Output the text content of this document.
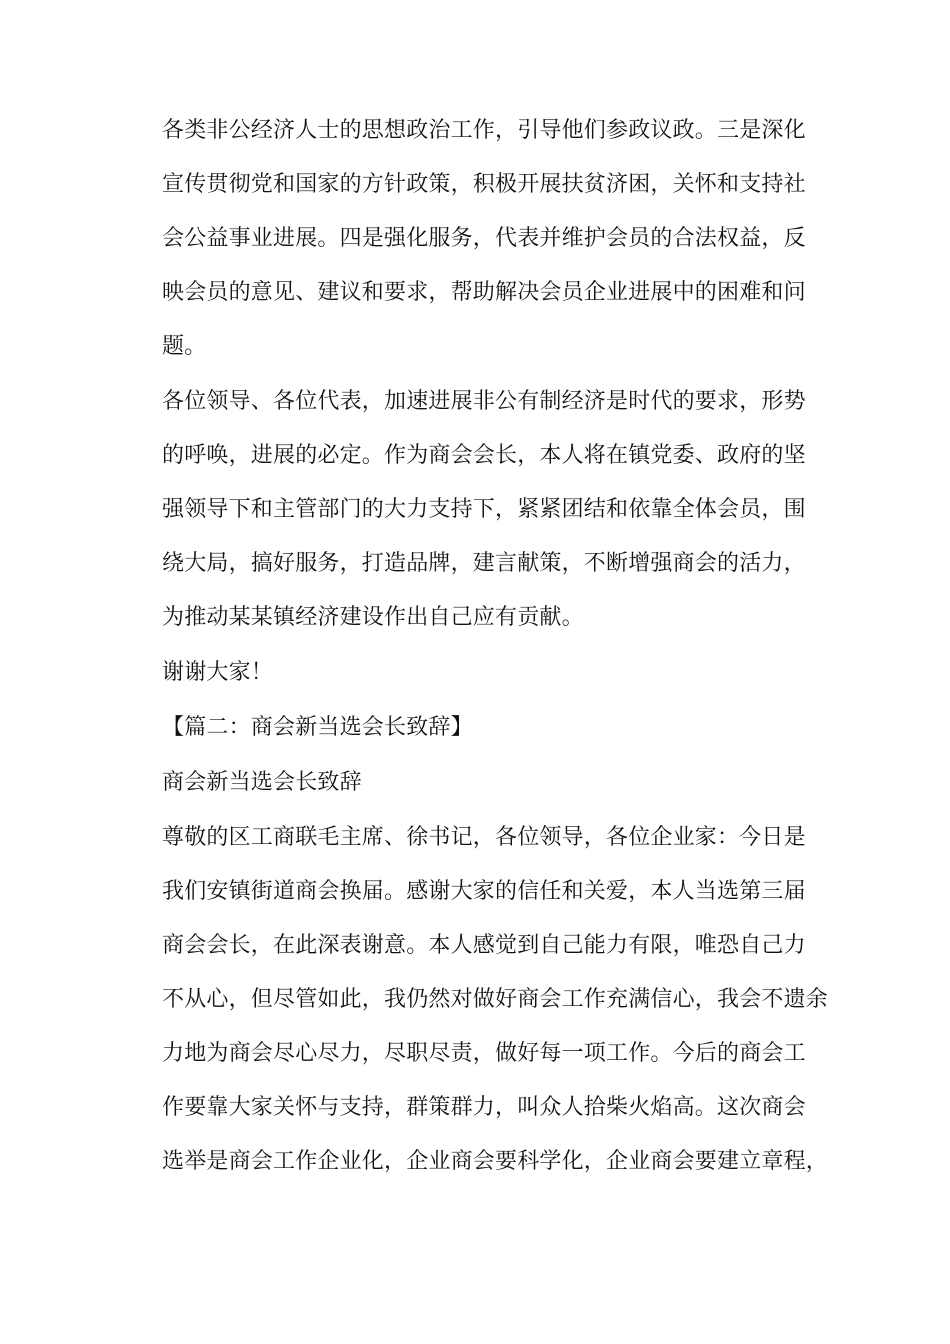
各类非公经济人士的思想政治工作，引导他们参政议政。三是深化
宣传贯彻党和国家的方针政策，积极开展扶贫济困，关怀和支持社
会公益事业进展。四是强化服务，代表并维护会员的合法权益，反
映会员的意见、建议和要求，帮助解决会员企业进展中的困难和问
题。
各位领导、各位代表，加速进展非公有制经济是时代的要求，形势
的呼唤，进展的必定。作为商会会长，本人将在镇党委、政府的坚
强领导下和主管部门的大力支持下，紧紧团结和依靠全体会员，围
绕大局，搞好服务，打造品牌，建言献策，不断增强商会的活力，
为推动某某镇经济建设作出自己应有贡献。
谢谢大家！
【篇二：商会新当选会长致辞】
商会新当选会长致辞
尊敬的区工商联毛主席、徐书记，各位领导，各位企业家：今日是
我们安镇街道商会换届。感谢大家的信任和关爱，本人当选第三届
商会会长，在此深表谢意。本人感觉到自己能力有限，唯恐自己力
不从心，但尽管如此，我仍然对做好商会工作充满信心，我会不遗余
力地为商会尽心尽力，尽职尽责，做好每一项工作。今后的商会工
作要靠大家关怀与支持，群策群力，叫众人拾柴火焰高。这次商会
选举是商会工作企业化，企业商会要科学化，企业商会要建立章程，
